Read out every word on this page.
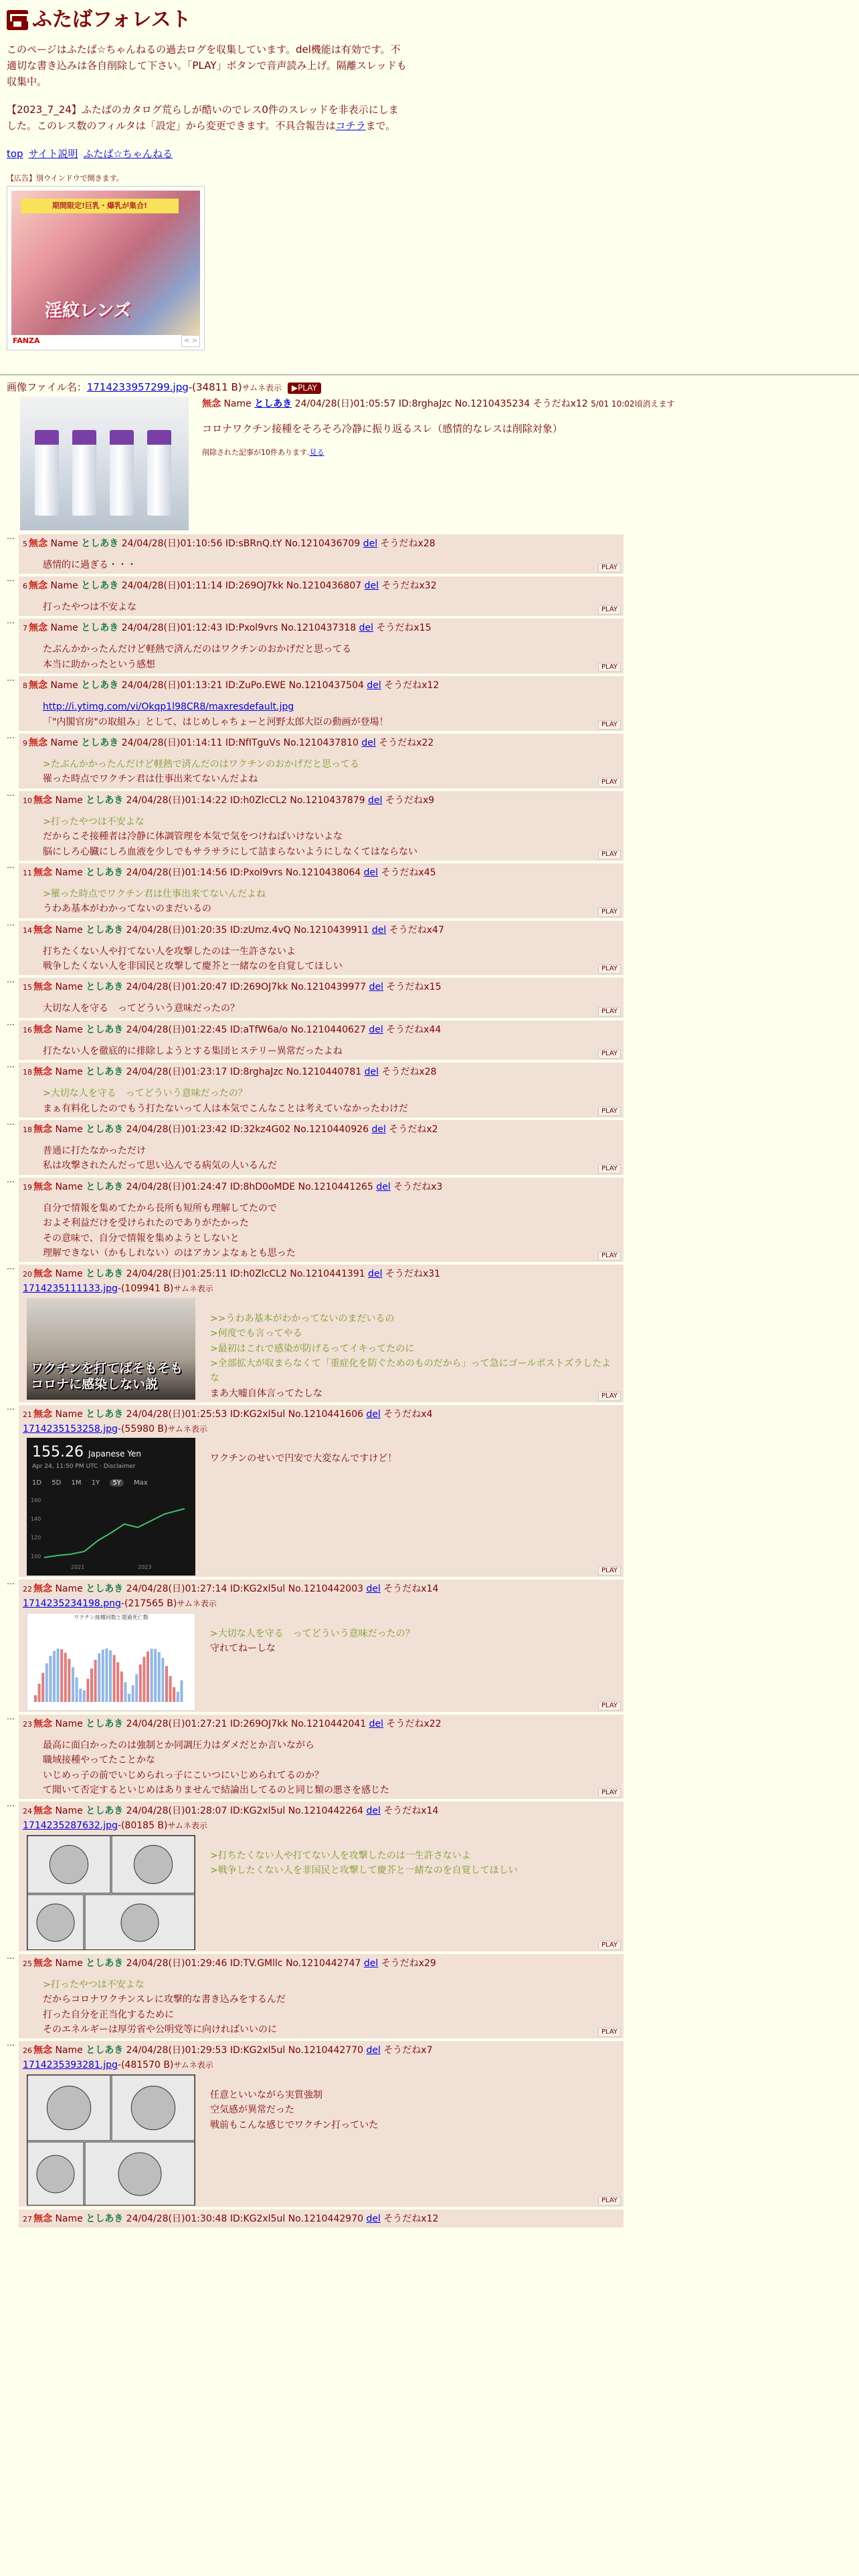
ふたばフォレスト

このページはふたば☆ちゃんねるの過去ログを収集しています。del機能は有効です。不適切な書き込みは各自削除して下さい。「PLAY」ボタンで音声読み上げ。隔離スレッドも収集中。

【2023_7_24】ふたばのカタログ荒らしが酷いのでレス0件のスレッドを非表示にしました。このレス数のフィルタは「設定」から変更できます。不具合報告はコチラまで。

top サイト説明 ふたば☆ちゃんねる
【広告】別ウインドウで開きます。
期間限定!巨乳・爆乳が集合!
淫紋レンズ
FANZA	< >
画像ファイル名：1714233957299.jpg-(34811 B)サムネ表示 ▶PLAY
無念 Name としあき 24/04/28(日)01:05:57 ID:8rghaJzc No.1210435234 そうだねx12 5/01 10:02頃消えます
コロナワクチン接種をそろそろ冷静に振り返るスレ（感情的なレスは削除対象）
削除された記事が10件あります.見る
…
5 無念 Name としあき 24/04/28(日)01:10:56 ID:sBRnQ.tY No.1210436709 del そうだねx28
感情的に過ぎる・・・	PLAY
…
6 無念 Name としあき 24/04/28(日)01:11:14 ID:269OJ7kk No.1210436807 del そうだねx32
打ったやつは不安よな	PLAY
…
7 無念 Name としあき 24/04/28(日)01:12:43 ID:Pxol9vrs No.1210437318 del そうだねx15
たぶんかかったんだけど軽熱で済んだのはワクチンのおかげだと思ってる
本当に助かったという感想	PLAY
…
8 無念 Name としあき 24/04/28(日)01:13:21 ID:ZuPo.EWE No.1210437504 del そうだねx12
http://i.ytimg.com/vi/Okqp1l98CR8/maxresdefault.jpg

「"内閣官房"の取組み」として、はじめしゃちょーと河野太郎大臣の動画が登場！	PLAY
…
9 無念 Name としあき 24/04/28(日)01:14:11 ID:NfITguVs No.1210437810 del そうだねx22
>たぶんかかったんだけど軽熱で済んだのはワクチンのおかげだと思ってる
罹った時点でワクチン君は仕事出来てないんだよね	PLAY
…
10 無念 Name としあき 24/04/28(日)01:14:22 ID:h0ZlcCL2 No.1210437879 del そうだねx9
>打ったやつは不安よな
だからこそ接種者は冷静に体調管理を本気で気をつけねばいけないよな
脳にしろ心臓にしろ血液を少しでもサラサラにして詰まらないようにしなくてはならない	PLAY
…
11 無念 Name としあき 24/04/28(日)01:14:56 ID:Pxol9vrs No.1210438064 del そうだねx45
>罹った時点でワクチン君は仕事出来てないんだよね
うわあ基本がわかってないのまだいるの	PLAY
…
14 無念 Name としあき 24/04/28(日)01:20:35 ID:zUmz.4vQ No.1210439911 del そうだねx47
打ちたくない人や打てない人を攻撃したのは一生許さないよ
戦争したくない人を非国民と攻撃して慶芥と一緒なのを自覚してほしい	PLAY
…
15 無念 Name としあき 24/04/28(日)01:20:47 ID:269OJ7kk No.1210439977 del そうだねx15
大切な人を守る　ってどういう意味だったの？	PLAY
…
16 無念 Name としあき 24/04/28(日)01:22:45 ID:aTfW6a/o No.1210440627 del そうだねx44
打たない人を徹底的に排除しようとする集団ヒステリー異常だったよね	PLAY
…
18 無念 Name としあき 24/04/28(日)01:23:17 ID:8rghaJzc No.1210440781 del そうだねx28
>大切な人を守る　ってどういう意味だったの？
まぁ有料化したのでもう打たないって人は本気でこんなことは考えていなかったわけだ	PLAY
…
18 無念 Name としあき 24/04/28(日)01:23:42 ID:32kz4G02 No.1210440926 del そうだねx2
普通に打たなかっただけ
私は攻撃されたんだって思い込んでる病気の人いるんだ	PLAY
…
19 無念 Name としあき 24/04/28(日)01:24:47 ID:8hD0oMDE No.1210441265 del そうだねx3
自分で情報を集めてたから長所も短所も理解してたので
およそ利益だけを受けられたのでありがたかった
その意味で、自分で情報を集めようとしないと
理解できない（かもしれない）のはアカンよなぁとも思った	PLAY
…
20 無念 Name としあき 24/04/28(日)01:25:11 ID:h0ZlcCL2 No.1210441391 del そうだねx31
1714235111133.jpg-(109941 B)サムネ表示
ワクチンを打てばそもそもコロナに感染しない説
>>うわあ基本がわかってないのまだいるの
>何度でも言ってやる
>最初はこれで感染が防げるってイキってたのに
>全部拡大が収まらなくて「重症化を防ぐためのものだから」って急にゴールポストズラしたよな
まあ大嘘自体言ってたしな	PLAY
…
21 無念 Name としあき 24/04/28(日)01:25:53 ID:KG2xl5ul No.1210441606 del そうだねx4
1714235153258.jpg-(55980 B)サムネ表示
155.26 Japanese Yen
Apr 24, 11:50 PM UTC · Disclaimer
1D 5D 1M 1Y 5Y Max
160
140
120
100
2021	2023
ワクチンのせいで円安で大変なんですけど！
PLAY
…
22 無念 Name としあき 24/04/28(日)01:27:14 ID:KG2xl5ul No.1210442003 del そうだねx14
1714235234198.png-(217565 B)サムネ表示
ワクチン接種回数と超過死亡数
>大切な人を守る　ってどういう意味だったの？
守れてねーしな
PLAY
…
23 無念 Name としあき 24/04/28(日)01:27:21 ID:269OJ7kk No.1210442041 del そうだねx22
最高に面白かったのは強制とか同調圧力はダメだとか言いながら
職域接種やってたことかな
いじめっ子の前でいじめられっ子にこいつにいじめられてるのか？
て聞いて否定するといじめはありませんで結論出してるのと同じ類の悪さを感じた	PLAY
…
24 無念 Name としあき 24/04/28(日)01:28:07 ID:KG2xl5ul No.1210442264 del そうだねx14
1714235287632.jpg-(80185 B)サムネ表示
>打ちたくない人や打てない人を攻撃したのは一生許さないよ
>戦争したくない人を非国民と攻撃して慶芥と一緒なのを自覚してほしい
PLAY
…
25 無念 Name としあき 24/04/28(日)01:29:46 ID:TV.GMllc No.1210442747 del そうだねx29
>打ったやつは不安よな
だからコロナワクチンスレに攻撃的な書き込みをするんだ
打った自分を正当化するために
そのエネルギーは厚労省や公明党等に向ければいいのに	PLAY
…
26 無念 Name としあき 24/04/28(日)01:29:53 ID:KG2xl5ul No.1210442770 del そうだねx7
1714235393281.jpg-(481570 B)サムネ表示
任意といいながら実質強制
空気感が異常だった
戦前もこんな感じでワクチン打っていた
PLAY
27 無念 Name としあき 24/04/28(日)01:30:48 ID:KG2xl5ul No.1210442970 del そうだねx12
